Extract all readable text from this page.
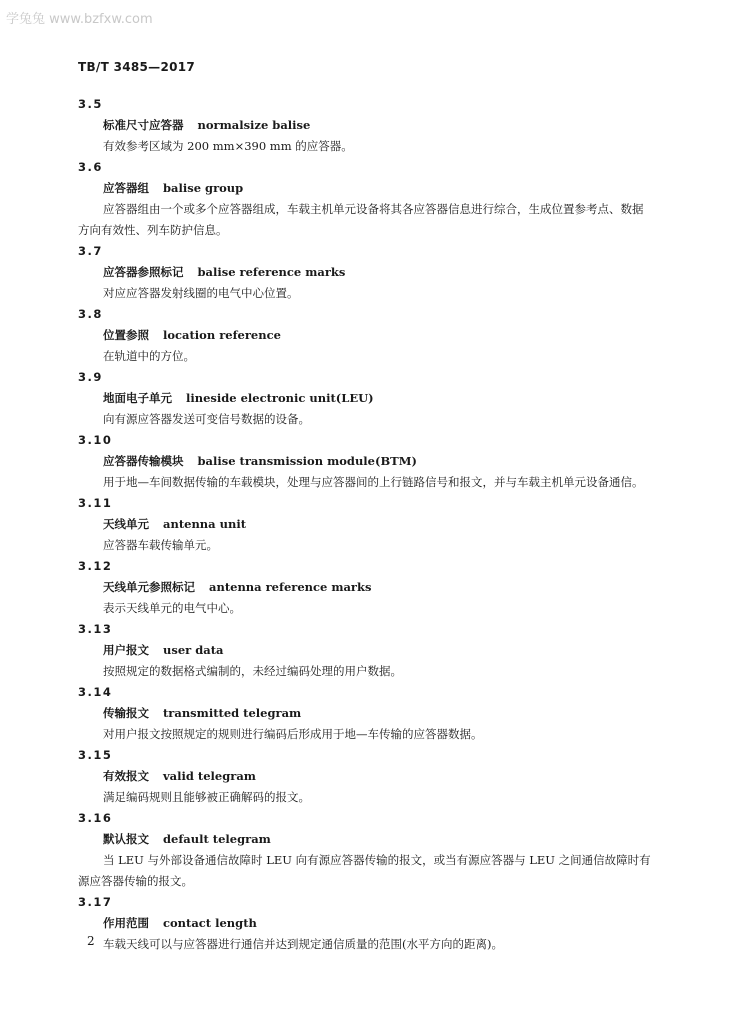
学兔兔 www.bzfxw.com
TB/T 3485—2017
3.5
标准尺寸应答器 normalsize balise

有效参考区域为 200 mm×390 mm 的应答器。

3.6
应答器组 balise group

应答器组由一个或多个应答器组成，车载主机单元设备将其各应答器信息进行综合，生成位置参考点、数据方向有效性、列车防护信息。

3.7
应答器参照标记 balise reference marks

对应应答器发射线圈的电气中心位置。

3.8
位置参照 location reference

在轨道中的方位。

3.9
地面电子单元 lineside electronic unit(LEU)

向有源应答器发送可变信号数据的设备。

3.10
应答器传输模块 balise transmission module(BTM)

用于地—车间数据传输的车载模块，处理与应答器间的上行链路信号和报文，并与车载主机单元设备通信。

3.11
天线单元 antenna unit

应答器车载传输单元。

3.12
天线单元参照标记 antenna reference marks

表示天线单元的电气中心。

3.13
用户报文 user data

按照规定的数据格式编制的，未经过编码处理的用户数据。

3.14
传输报文 transmitted telegram

对用户报文按照规定的规则进行编码后形成用于地—车传输的应答器数据。

3.15
有效报文 valid telegram

满足编码规则且能够被正确解码的报文。

3.16
默认报文 default telegram

当 LEU 与外部设备通信故障时 LEU 向有源应答器传输的报文，或当有源应答器与 LEU 之间通信故障时有源应答器传输的报文。

3.17
作用范围 contact length

车载天线可以与应答器进行通信并达到规定通信质量的范围(水平方向的距离)。

2
